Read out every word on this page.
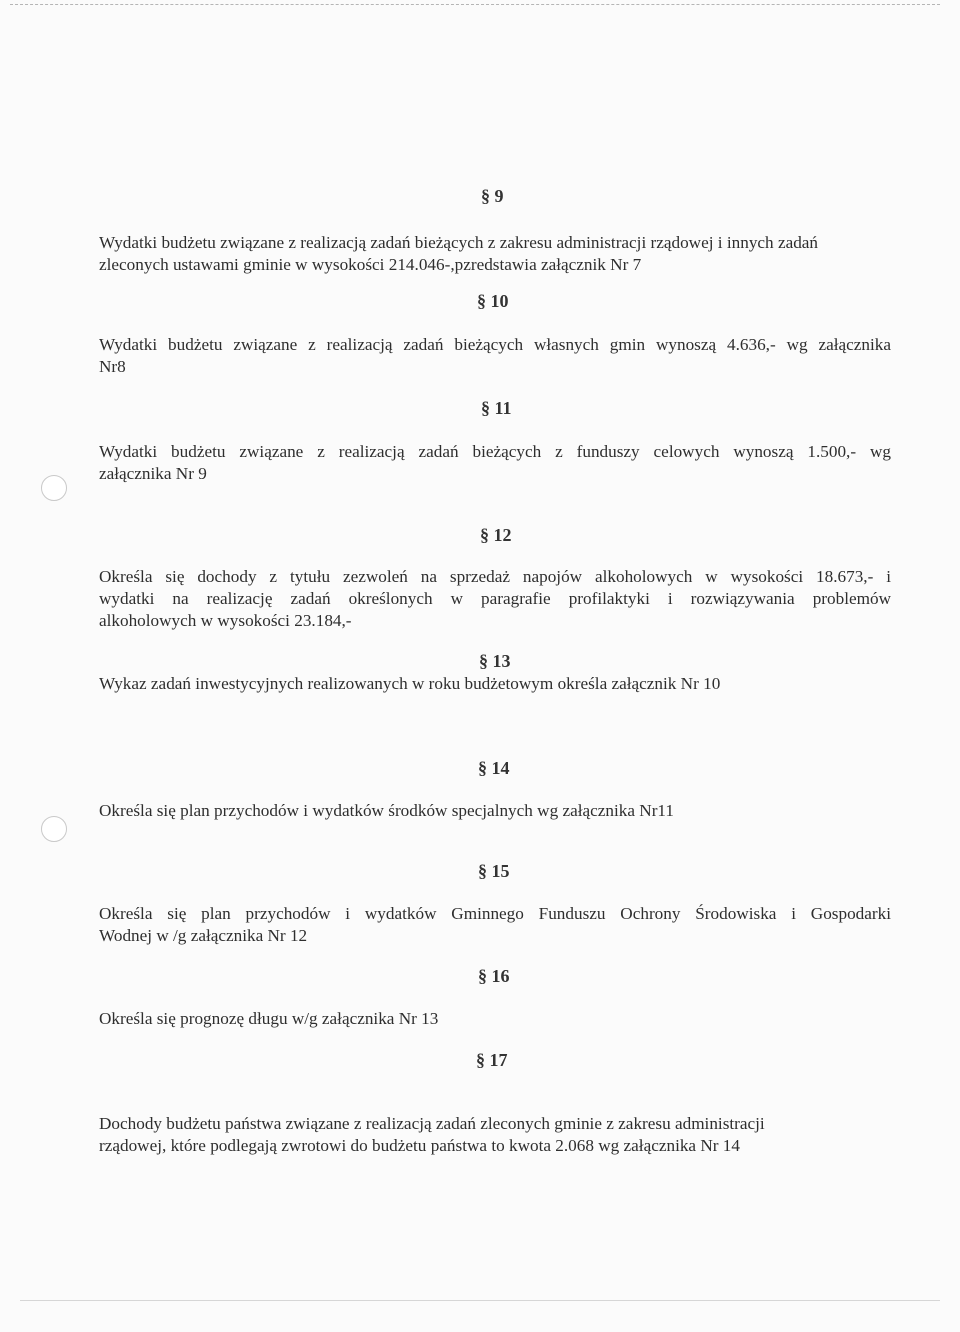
§ 9

Wydatki budżetu związane z realizacją zadań bieżących z zakresu administracji rządowej i innych zadań
zleconych ustawami gminie w wysokości 214.046-,pzredstawia załącznik Nr 7

§ 10

Wydatki budżetu związane z realizacją zadań bieżących własnych gmin wynoszą 4.636,- wg załącznika
Nr8

§ 11

Wydatki budżetu związane z realizacją zadań bieżących z funduszy celowych wynoszą 1.500,- wg
załącznika Nr 9

§ 12

Określa się dochody z tytułu zezwoleń na sprzedaż napojów alkoholowych w wysokości 18.673,- i
wydatki na realizację zadań określonych w paragrafie profilaktyki i rozwiązywania problemów
alkoholowych w wysokości 23.184,-

§ 13

Wykaz zadań inwestycyjnych realizowanych w roku budżetowym określa załącznik Nr 10

§ 14

Określa się plan przychodów i wydatków środków specjalnych wg załącznika Nr11

§ 15

Określa się plan przychodów i wydatków Gminnego Funduszu Ochrony Środowiska i Gospodarki
Wodnej w /g załącznika Nr 12

§ 16

Określa się prognozę długu w/g załącznika Nr 13

§ 17

Dochody budżetu państwa związane z realizacją zadań zleconych gminie z zakresu administracji
rządowej, które podlegają zwrotowi do budżetu państwa to kwota 2.068 wg załącznika Nr 14
